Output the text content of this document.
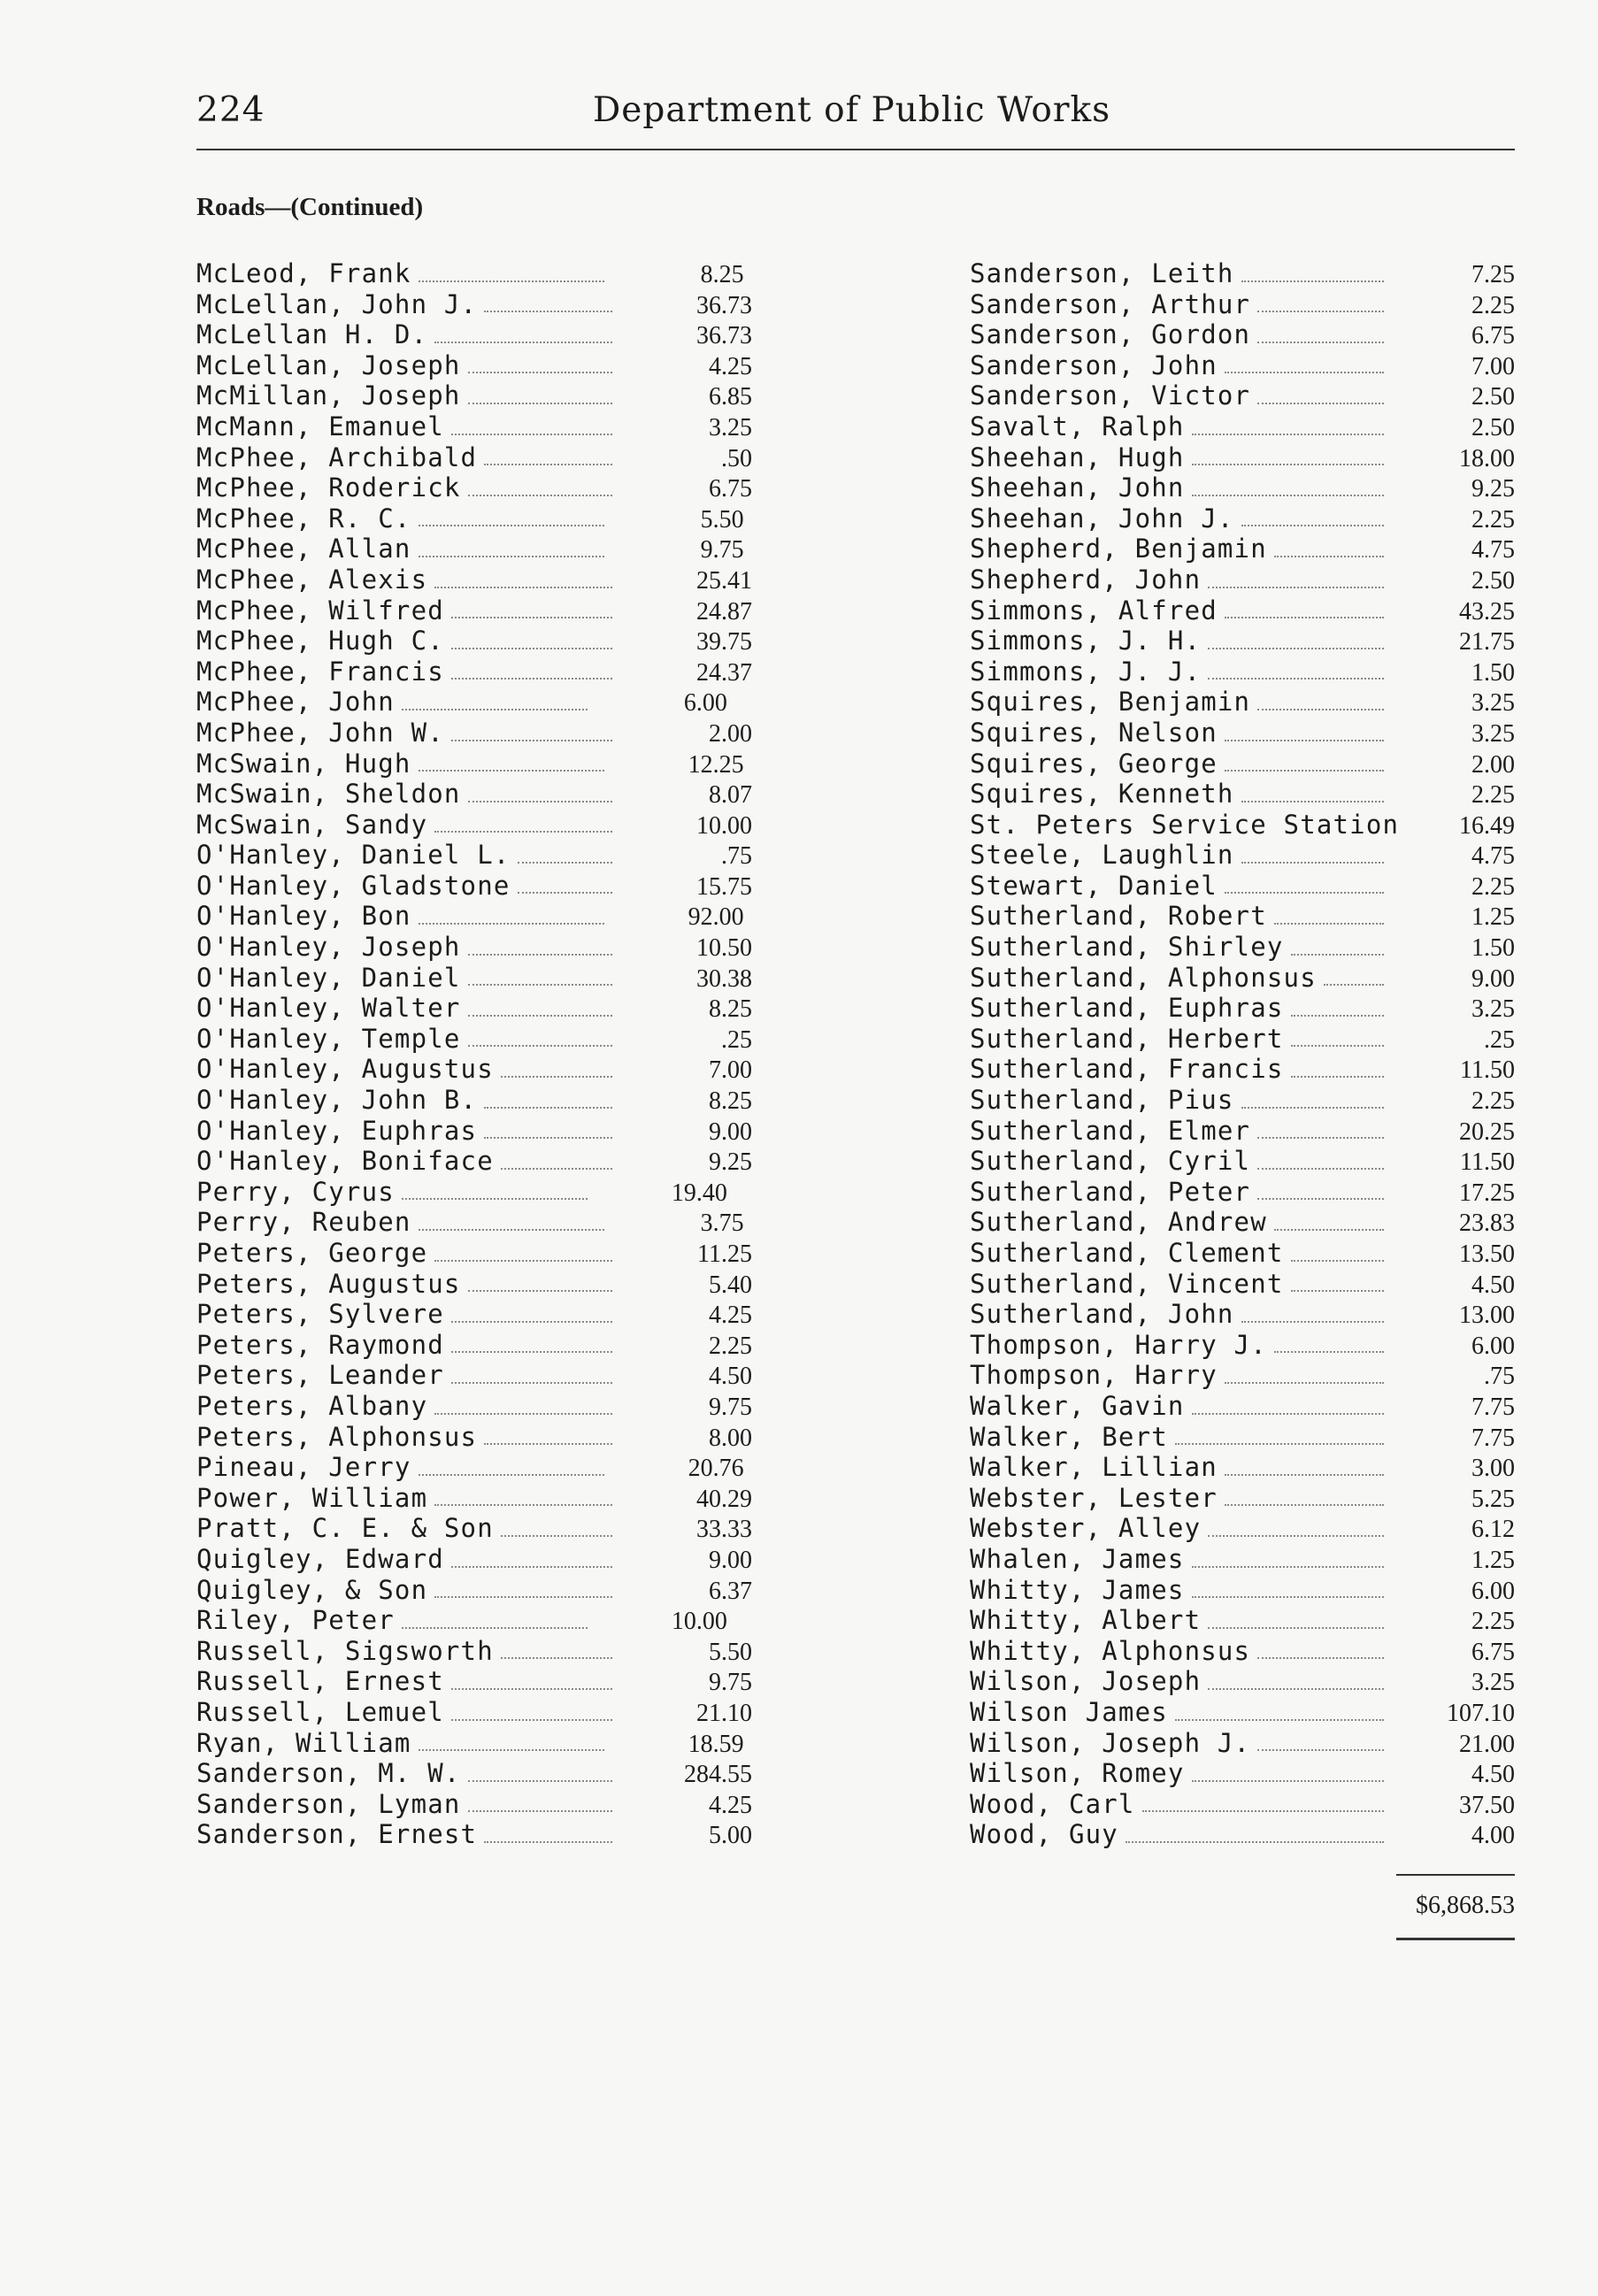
224	Department of Public Works
Roads—(Continued)
McLeod, Frank	8.25
McLellan, John J.	36.73
McLellan H. D.	36.73
McLellan, Joseph	4.25
McMillan, Joseph	6.85
McMann, Emanuel	3.25
McPhee, Archibald	.50
McPhee, Roderick	6.75
McPhee, R. C.	5.50
McPhee, Allan	9.75
McPhee, Alexis	25.41
McPhee, Wilfred	24.87
McPhee, Hugh C.	39.75
McPhee, Francis	24.37
McPhee, John	6.00
McPhee, John W.	2.00
McSwain, Hugh	12.25
McSwain, Sheldon	8.07
McSwain, Sandy	10.00
O'Hanley, Daniel L.	.75
O'Hanley, Gladstone	15.75
O'Hanley, Bon	92.00
O'Hanley, Joseph	10.50
O'Hanley, Daniel	30.38
O'Hanley, Walter	8.25
O'Hanley, Temple	.25
O'Hanley, Augustus	7.00
O'Hanley, John B.	8.25
O'Hanley, Euphras	9.00
O'Hanley, Boniface	9.25
Perry, Cyrus	19.40
Perry, Reuben	3.75
Peters, George	11.25
Peters, Augustus	5.40
Peters, Sylvere	4.25
Peters, Raymond	2.25
Peters, Leander	4.50
Peters, Albany	9.75
Peters, Alphonsus	8.00
Pineau, Jerry	20.76
Power, William	40.29
Pratt, C. E. & Son	33.33
Quigley, Edward	9.00
Quigley, & Son	6.37
Riley, Peter	10.00
Russell, Sigsworth	5.50
Russell, Ernest	9.75
Russell, Lemuel	21.10
Ryan, William	18.59
Sanderson, M. W.	284.55
Sanderson, Lyman	4.25
Sanderson, Ernest	5.00
Sanderson, Leith	7.25
Sanderson, Arthur	2.25
Sanderson, Gordon	6.75
Sanderson, John	7.00
Sanderson, Victor	2.50
Savalt, Ralph	2.50
Sheehan, Hugh	18.00
Sheehan, John	9.25
Sheehan, John J.	2.25
Shepherd, Benjamin	4.75
Shepherd, John	2.50
Simmons, Alfred	43.25
Simmons, J. H.	21.75
Simmons, J. J.	1.50
Squires, Benjamin	3.25
Squires, Nelson	3.25
Squires, George	2.00
Squires, Kenneth	2.25
St. Peters Service Station	16.49
Steele, Laughlin	4.75
Stewart, Daniel	2.25
Sutherland, Robert	1.25
Sutherland, Shirley	1.50
Sutherland, Alphonsus	9.00
Sutherland, Euphras	3.25
Sutherland, Herbert	.25
Sutherland, Francis	11.50
Sutherland, Pius	2.25
Sutherland, Elmer	20.25
Sutherland, Cyril	11.50
Sutherland, Peter	17.25
Sutherland, Andrew	23.83
Sutherland, Clement	13.50
Sutherland, Vincent	4.50
Sutherland, John	13.00
Thompson, Harry J.	6.00
Thompson, Harry	.75
Walker, Gavin	7.75
Walker, Bert	7.75
Walker, Lillian	3.00
Webster, Lester	5.25
Webster, Alley	6.12
Whalen, James	1.25
Whitty, James	6.00
Whitty, Albert	2.25
Whitty, Alphonsus	6.75
Wilson, Joseph	3.25
Wilson James	107.10
Wilson, Joseph J.	21.00
Wilson, Romey	4.50
Wood, Carl	37.50
Wood, Guy	4.00
$6,868.53
